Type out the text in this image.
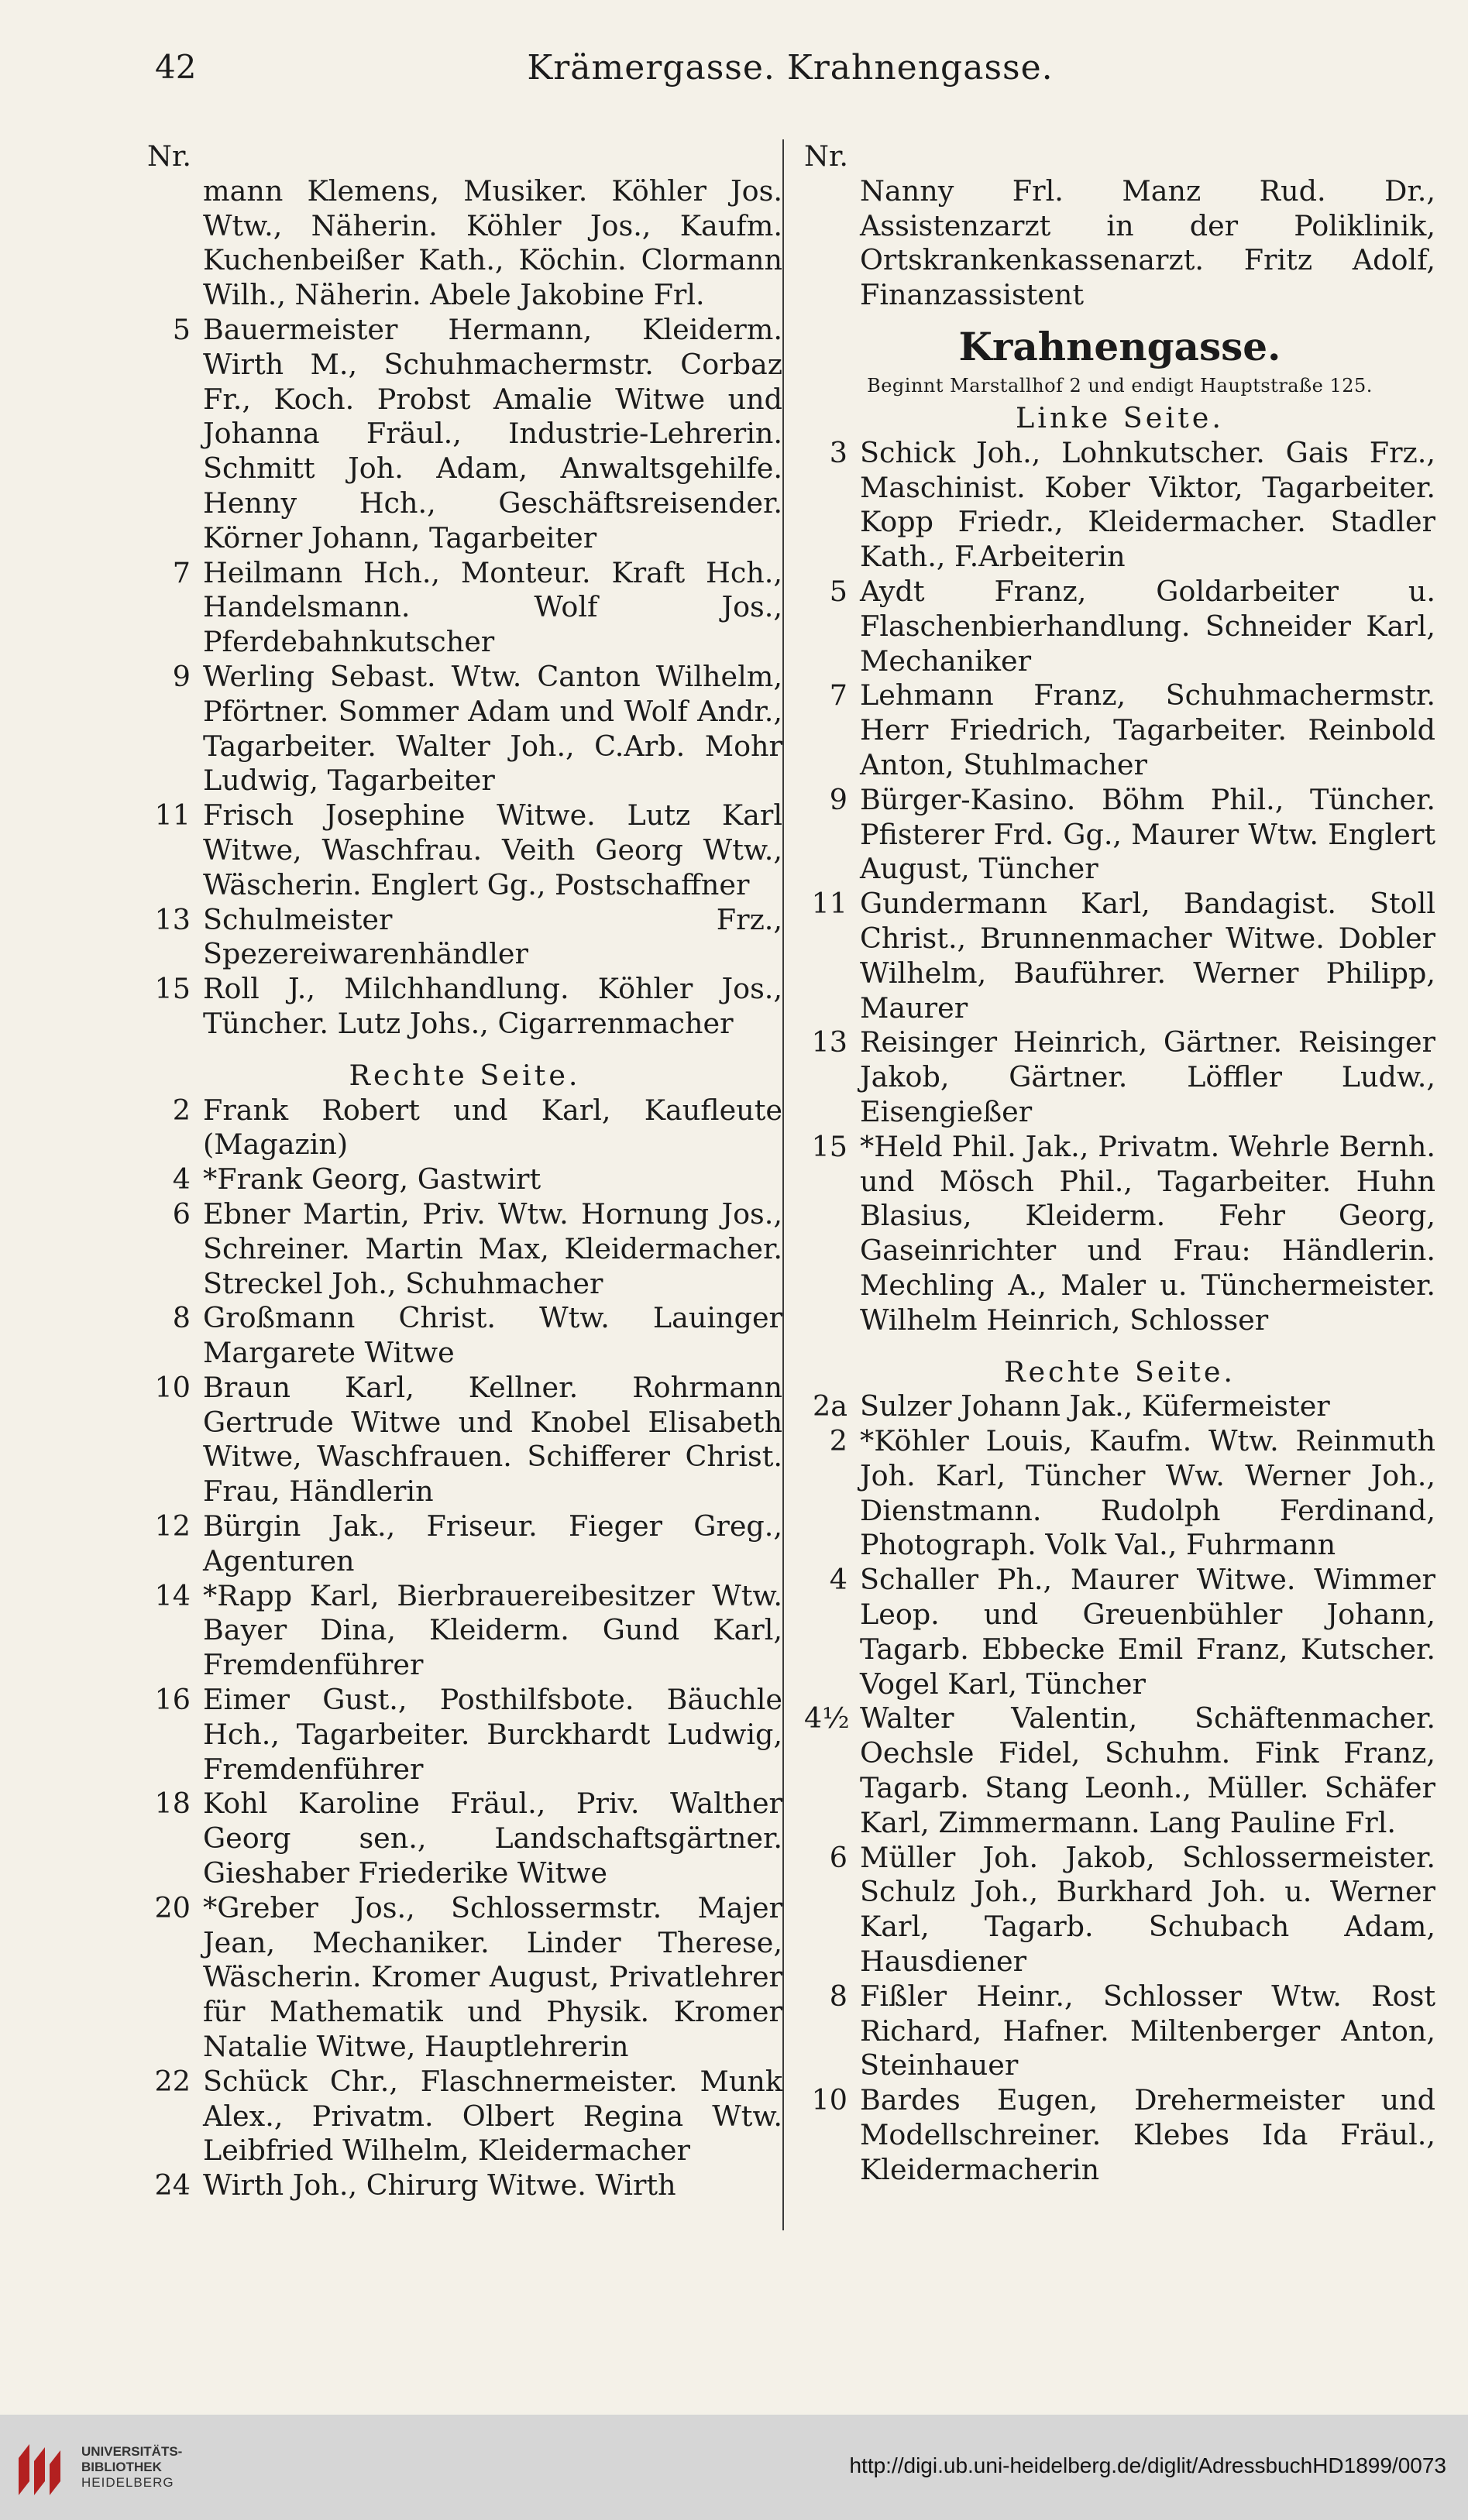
42	Krämergasse. Krahnengasse.
Nr.
mann Klemens, Musiker. Köhler Jos. Wtw., Näherin. Köhler Jos., Kaufm. Kuchenbeißer Kath., Köchin. Clormann Wilh., Näherin. Abele Jakobine Frl.
5 Bauermeister Hermann, Kleiderm. Wirth M., Schuhmachermstr. Corbaz Fr., Koch. Probst Amalie Witwe und Johanna Fräul., Industrie-Lehrerin. Schmitt Joh. Adam, Anwaltsgehilfe. Henny Hch., Geschäftsreisender. Körner Johann, Tagarbeiter
7 Heilmann Hch., Monteur. Kraft Hch., Handelsmann. Wolf Jos., Pferdebahnkutscher
9 Werling Sebast. Wtw. Canton Wilhelm, Pförtner. Sommer Adam und Wolf Andr., Tagarbeiter. Walter Joh., C.Arb. Mohr Ludwig, Tagarbeiter
11 Frisch Josephine Witwe. Lutz Karl Witwe, Waschfrau. Veith Georg Wtw., Wäscherin. Englert Gg., Postschaffner
13 Schulmeister Frz., Spezereiwarenhändler
15 Roll J., Milchhandlung. Köhler Jos., Tüncher. Lutz Johs., Cigarrenmacher
Rechte Seite.
2 Frank Robert und Karl, Kaufleute (Magazin)
4 *Frank Georg, Gastwirt
6 Ebner Martin, Priv. Wtw. Hornung Jos., Schreiner. Martin Max, Kleidermacher. Streckel Joh., Schuhmacher
8 Großmann Christ. Wtw. Lauinger Margarete Witwe
10 Braun Karl, Kellner. Rohrmann Gertrude Witwe und Knobel Elisabeth Witwe, Waschfrauen. Schifferer Christ. Frau, Händlerin
12 Bürgin Jak., Friseur. Fieger Greg., Agenturen
14 *Rapp Karl, Bierbrauereibesitzer Wtw. Bayer Dina, Kleiderm. Gund Karl, Fremdenführer
16 Eimer Gust., Posthilfsbote. Bäuchle Hch., Tagarbeiter. Burckhardt Ludwig, Fremdenführer
18 Kohl Karoline Fräul., Priv. Walther Georg sen., Landschaftsgärtner. Gieshaber Friederike Witwe
20 *Greber Jos., Schlossermstr. Majer Jean, Mechaniker. Linder Therese, Wäscherin. Kromer August, Privatlehrer für Mathematik und Physik. Kromer Natalie Witwe, Hauptlehrerin
22 Schück Chr., Flaschnermeister. Munk Alex., Privatm. Olbert Regina Wtw. Leibfried Wilhelm, Kleidermacher
24 Wirth Joh., Chirurg Witwe. Wirth
Nr.
Nanny Frl. Manz Rud. Dr., Assistenzarzt in der Poliklinik, Ortskrankenkassenarzt. Fritz Adolf, Finanzassistent
Krahnengasse.
Beginnt Marstallhof 2 und endigt Hauptstraße 125.
Linke Seite.
3 Schick Joh., Lohnkutscher. Gais Frz., Maschinist. Kober Viktor, Tagarbeiter. Kopp Friedr., Kleidermacher. Stadler Kath., F.Arbeiterin
5 Aydt Franz, Goldarbeiter u. Flaschenbierhandlung. Schneider Karl, Mechaniker
7 Lehmann Franz, Schuhmachermstr. Herr Friedrich, Tagarbeiter. Reinbold Anton, Stuhlmacher
9 Bürger-Kasino. Böhm Phil., Tüncher. Pfisterer Frd. Gg., Maurer Wtw. Englert August, Tüncher
11 Gundermann Karl, Bandagist. Stoll Christ., Brunnenmacher Witwe. Dobler Wilhelm, Bauführer. Werner Philipp, Maurer
13 Reisinger Heinrich, Gärtner. Reisinger Jakob, Gärtner. Löffler Ludw., Eisengießer
15 *Held Phil. Jak., Privatm. Wehrle Bernh. und Mösch Phil., Tagarbeiter. Huhn Blasius, Kleiderm. Fehr Georg, Gaseinrichter und Frau: Händlerin. Mechling A., Maler u. Tünchermeister. Wilhelm Heinrich, Schlosser
Rechte Seite.
2a Sulzer Johann Jak., Küfermeister
2 *Köhler Louis, Kaufm. Wtw. Reinmuth Joh. Karl, Tüncher Ww. Werner Joh., Dienstmann. Rudolph Ferdinand, Photograph. Volk Val., Fuhrmann
4 Schaller Ph., Maurer Witwe. Wimmer Leop. und Greuenbühler Johann, Tagarb. Ebbecke Emil Franz, Kutscher. Vogel Karl, Tüncher
4½ Walter Valentin, Schäftenmacher. Oechsle Fidel, Schuhm. Fink Franz, Tagarb. Stang Leonh., Müller. Schäfer Karl, Zimmermann. Lang Pauline Frl.
6 Müller Joh. Jakob, Schlossermeister. Schulz Joh., Burkhard Joh. u. Werner Karl, Tagarb. Schubach Adam, Hausdiener
8 Fißler Heinr., Schlosser Wtw. Rost Richard, Hafner. Miltenberger Anton, Steinhauer
10 Bardes Eugen, Drehermeister und Modellschreiner. Klebes Ida Fräul., Kleidermacherin
UNIVERSITÄTS-
BIBLIOTHEK
HEIDELBERG
http://digi.ub.uni-heidelberg.de/diglit/AdressbuchHD1899/0073
